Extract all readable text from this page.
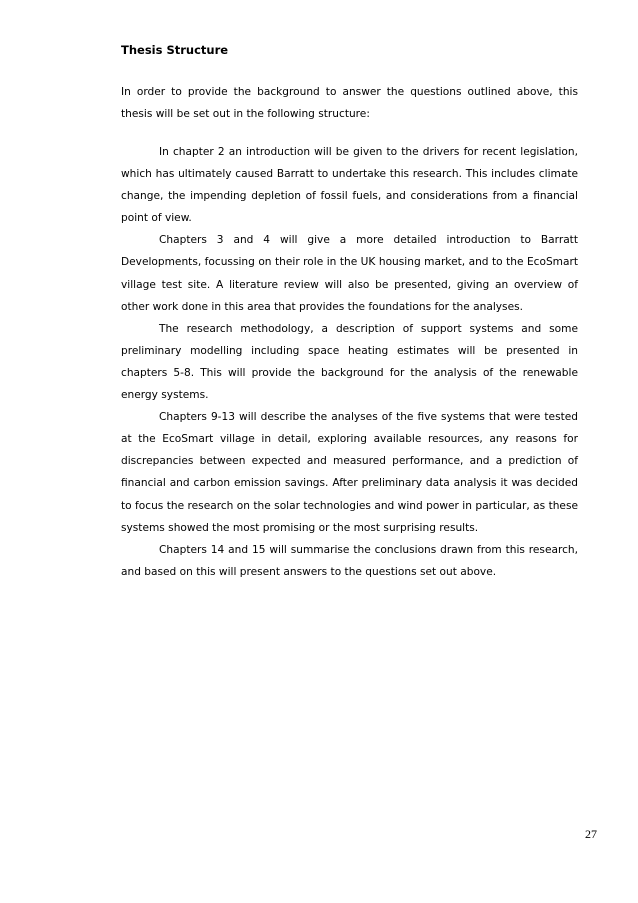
Thesis Structure

In order to provide the background to answer the questions outlined above, this thesis will be set out in the following structure:

In chapter 2 an introduction will be given to the drivers for recent legislation, which has ultimately caused Barratt to undertake this research. This includes climate change, the impending depletion of fossil fuels, and considerations from a financial point of view.

Chapters 3 and 4 will give a more detailed introduction to Barratt Developments, focussing on their role in the UK housing market, and to the EcoSmart village test site. A literature review will also be presented, giving an overview of other work done in this area that provides the foundations for the analyses.

The research methodology, a description of support systems and some preliminary modelling including space heating estimates will be presented in chapters 5-8. This will provide the background for the analysis of the renewable energy systems.

Chapters 9-13 will describe the analyses of the five systems that were tested at the EcoSmart village in detail, exploring available resources, any reasons for discrepancies between expected and measured performance, and a prediction of financial and carbon emission savings. After preliminary data analysis it was decided to focus the research on the solar technologies and wind power in particular, as these systems showed the most promising or the most surprising results.

Chapters 14 and 15 will summarise the conclusions drawn from this research, and based on this will present answers to the questions set out above.

27
